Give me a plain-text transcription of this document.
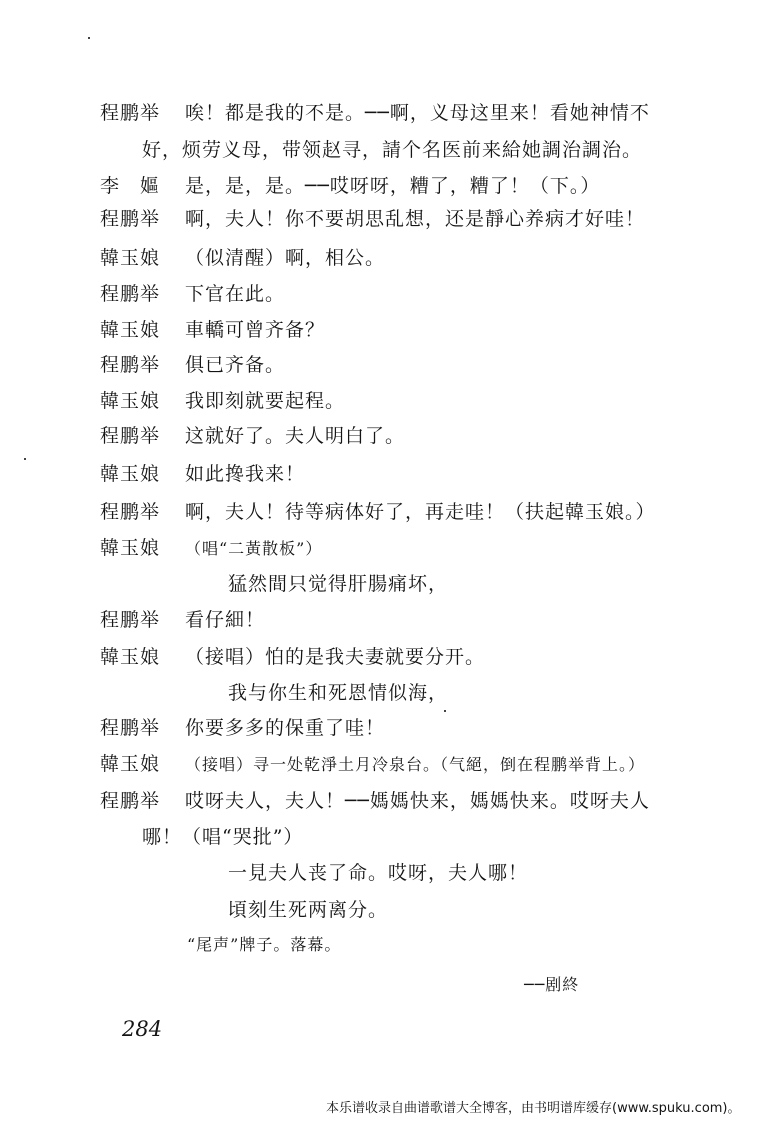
程鹏举 唉！都是我的不是。──啊，义母这里来！看她神情不
好，烦劳义母，带领赵寻，請个名医前来給她調治調治。
李　嫗 是，是，是。──哎呀呀，糟了，糟了！（下。）
程鹏举 啊，夫人！你不要胡思乱想，还是靜心养病才好哇！
韓玉娘 （似清醒）啊，相公。
程鹏举 下官在此。
韓玉娘 車轎可曾齐备？
程鹏举 俱已齐备。
韓玉娘 我即刻就要起程。
程鹏举 这就好了。夫人明白了。
韓玉娘 如此搀我来！
程鹏举 啊，夫人！待等病体好了，再走哇！（扶起韓玉娘。）
韓玉娘 （唱“二黃散板”）
猛然間只觉得肝腸痛坏，
程鹏举 看仔細！
韓玉娘 （接唱）怕的是我夫妻就要分开。
我与你生和死恩情似海，
程鹏举 你要多多的保重了哇！
韓玉娘 （接唱）寻一处乾淨土月冷泉台。（气絕，倒在程鹏举背上。）
程鹏举 哎呀夫人，夫人！──媽媽快来，媽媽快来。哎呀夫人
哪！（唱“哭批”）
一見夫人丧了命。哎呀，夫人哪！
頃刻生死两离分。
“尾声”牌子。落幕。
──剧終
284
本乐谱收录自曲谱歌谱大全博客，由书明谱库缓存(www.spuku.com)。
